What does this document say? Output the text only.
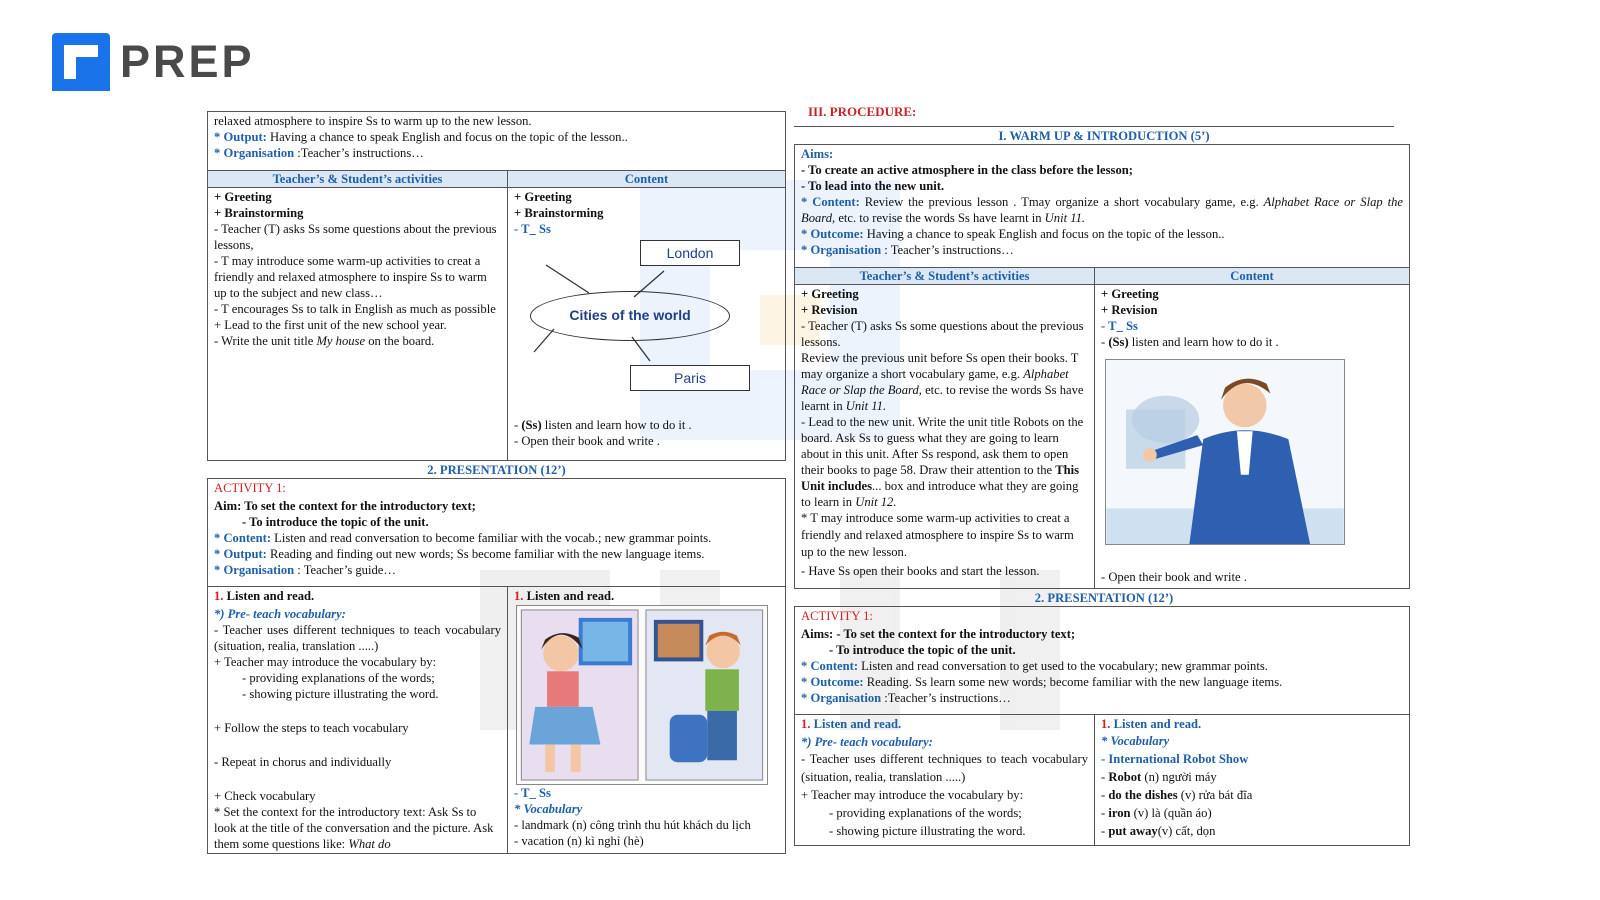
PREP
relaxed atmosphere to inspire Ss to warm up to the new lesson.
* Output: Having a chance to speak English and focus on the topic of the lesson..
* Organisation :Teacher’s instructions…
Teacher’s & Student’s activities	Content
+ Greeting
+ Brainstorming
- Teacher (T) asks Ss some questions about the previous lessons,
- T may introduce some warm-up activities to creat a friendly and relaxed atmosphere to inspire Ss to warm up to the subject and new class…
- T encourages Ss to talk in English as much as possible
+ Lead to the first unit of the new school year.
- Write the unit title My house on the board.
+ Greeting
+ Brainstorming
- T_ Ss
London
Cities of the world
Paris
- (Ss) listen and learn how to do it .
- Open their book and write .
2. PRESENTATION (12’)
ACTIVITY 1:
Aim: To set the context for the introductory text;
- To introduce the topic of the unit.
* Content: Listen and read conversation to become familiar with the vocab.; new grammar points.
* Output: Reading and finding out new words; Ss become familiar with the new language items.
* Organisation : Teacher’s guide…
1. Listen and read.
*) Pre- teach vocabulary:
- Teacher uses different techniques to teach vocabulary (situation, realia, translation .....)
+ Teacher may introduce the vocabulary by:
- providing explanations of the words;
- showing picture illustrating the word.
+ Follow the steps to teach vocabulary
- Repeat in chorus and individually
+ Check vocabulary
* Set the context for the introductory text: Ask Ss to look at the title of the conversation and the picture. Ask them some questions like: What do
1. Listen and read.
- T_ Ss
* Vocabulary
- landmark (n) công trình thu hút khách du lịch
- vacation (n) kì nghỉ (hè)
III. PROCEDURE:
I. WARM UP & INTRODUCTION (5’)
Aims:
- To create an active atmosphere in the class before the lesson;
- To lead into the new unit.
* Content: Review the previous lesson . Tmay organize a short vocabulary game, e.g. Alphabet Race or Slap the Board, etc. to revise the words Ss have learnt in Unit 11.
* Outcome: Having a chance to speak English and focus on the topic of the lesson..
* Organisation : Teacher’s instructions…
Teacher’s & Student’s activities	Content
+ Greeting
+ Revision
- Teacher (T) asks Ss some questions about the previous lessons.
Review the previous unit before Ss open their books. T may organize a short vocabulary game, e.g. Alphabet Race or Slap the Board, etc. to revise the words Ss have learnt in Unit 11.
- Lead to the new unit. Write the unit title Robots on the board. Ask Ss to guess what they are going to learn about in this unit. After Ss respond, ask them to open their books to page 58. Draw their attention to the This Unit includes... box and introduce what they are going to learn in Unit 12.
* T may introduce some warm-up activities to creat a friendly and relaxed atmosphere to inspire Ss to warm up to the new lesson.
- Have Ss open their books and start the lesson.
+ Greeting
+ Revision
- T_ Ss
- (Ss) listen and learn how to do it .
- Open their book and write .
2. PRESENTATION (12’)
ACTIVITY 1:
Aims: - To set the context for the introductory text;
- To introduce the topic of the unit.
* Content: Listen and read conversation to get used to the vocabulary; new grammar points.
* Outcome: Reading. Ss learn some new words; become familiar with the new language items.
* Organisation :Teacher’s instructions…
1. Listen and read.
*) Pre- teach vocabulary:
- Teacher uses different techniques to teach vocabulary (situation, realia, translation .....)
+ Teacher may introduce the vocabulary by:
- providing explanations of the words;
- showing picture illustrating the word.
1. Listen and read.
* Vocabulary
- International Robot Show
- Robot (n) người máy
- do the dishes (v) rửa bát đĩa
- iron (v) là (quần áo)
- put away(v) cất, dọn
